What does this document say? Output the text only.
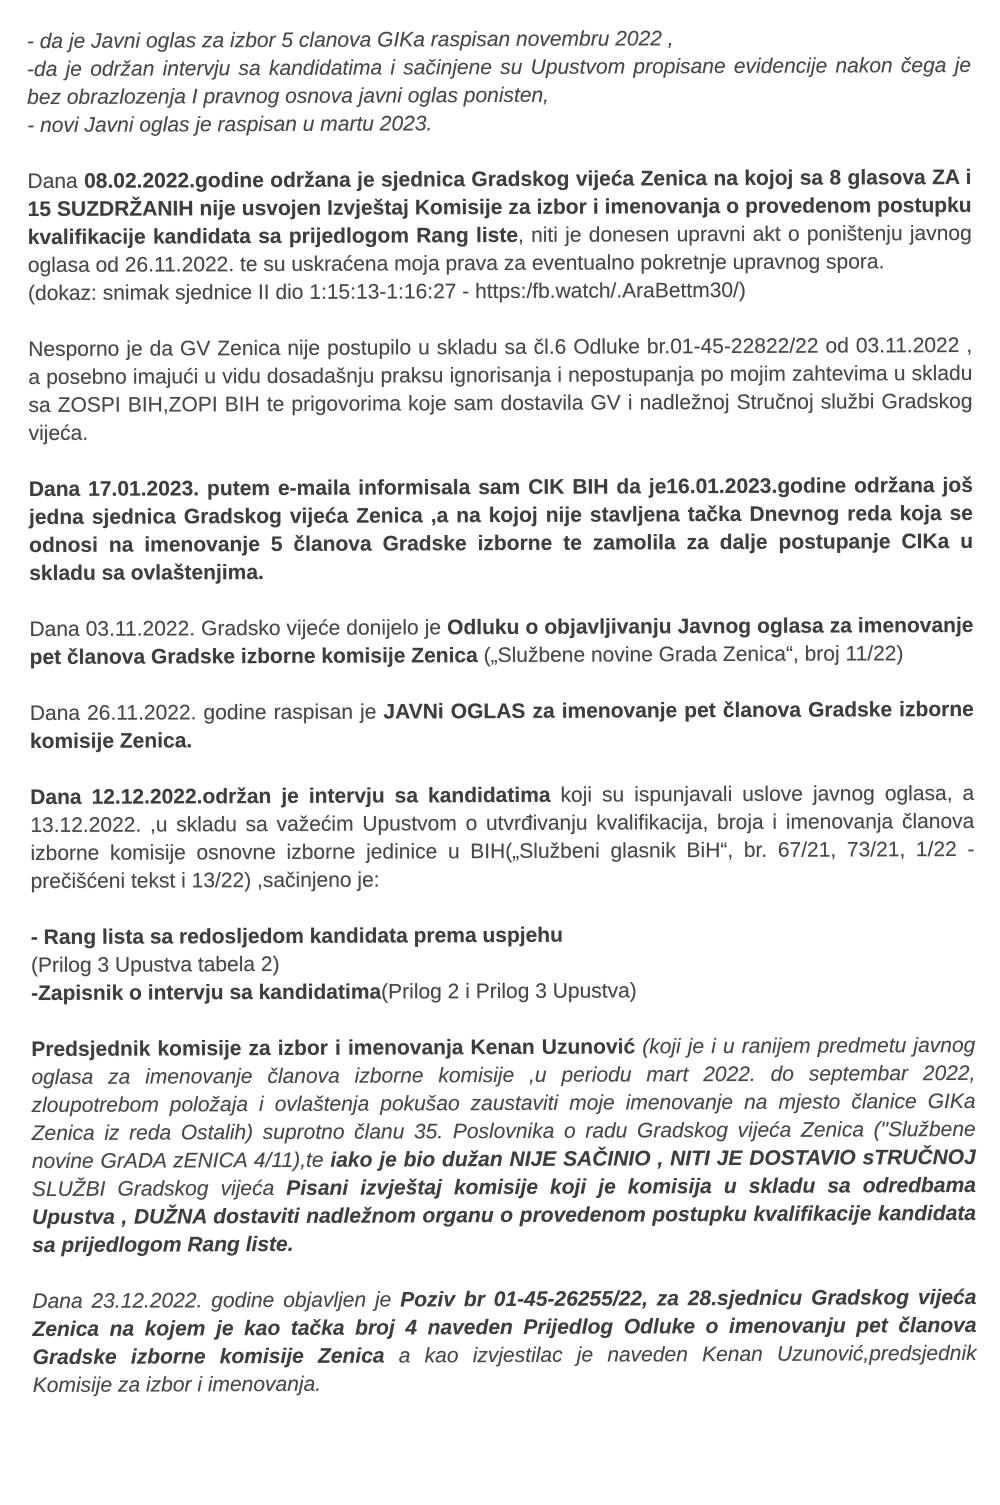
- da je Javni oglas za izbor 5 clanova GIKa raspisan novembru 2022 ,
-da je održan intervju sa kandidatima i sačinjene su Upustvom propisane evidencije nakon čega je bez obrazlozenja I pravnog osnova javni oglas ponisten,
- novi Javni oglas je raspisan u martu 2023.

Dana 08.02.2022.godine održana je sjednica Gradskog vijeća Zenica na kojoj sa 8 glasova ZA i 15 SUZDRŽANIH nije usvojen Izvještaj Komisije za izbor i imenovanja o provedenom postupku kvalifikacije kandidata sa prijedlogom Rang liste, niti je donesen upravni akt o poništenju javnog oglasa od 26.11.2022. te su uskraćena moja prava za eventualno pokretnje upravnog spora.
(dokaz: snimak sjednice II dio 1:15:13-1:16:27 - https:/fb.watch/.AraBettm30/)

Nesporno je da GV Zenica nije postupilo u skladu sa čl.6 Odluke br.01-45-22822/22 od 03.11.2022 , a posebno imajući u vidu dosadašnju praksu ignorisanja i nepostupanja po mojim zahtevima u skladu sa ZOSPI BIH,ZOPI BIH te prigovorima koje sam dostavila GV i nadležnoj Stručnoj službi Gradskog vijeća.

Dana 17.01.2023. putem e-maila informisala sam CIK BIH da je16.01.2023.godine održana još jedna sjednica Gradskog vijeća Zenica ,a na kojoj nije stavljena tačka Dnevnog reda koja se odnosi na imenovanje 5 članova Gradske izborne te zamolila za dalje postupanje CIKa u skladu sa ovlaštenjima.

Dana 03.11.2022. Gradsko vijeće donijelo je Odluku o objavljivanju Javnog oglasa za imenovanje pet članova Gradske izborne komisije Zenica („Službene novine Grada Zenica“, broj 11/22)

Dana 26.11.2022. godine raspisan je JAVNi OGLAS za imenovanje pet članova Gradske izborne komisije Zenica.

Dana 12.12.2022.održan je intervju sa kandidatima koji su ispunjavali uslove javnog oglasa, a 13.12.2022. ,u skladu sa važećim Upustvom o utvrđivanju kvalifikacija, broja i imenovanja članova izborne komisije osnovne izborne jedinice u BIH(„Službeni glasnik BiH“, br. 67/21, 73/21, 1/22 - prečišćeni tekst i 13/22) ,sačinjeno je:

- Rang lista sa redosljedom kandidata prema uspjehu
(Prilog 3 Upustva tabela 2)
-Zapisnik o intervju sa kandidatima(Prilog 2 i Prilog 3 Upustva)

Predsjednik komisije za izbor i imenovanja Kenan Uzunović (koji je i u ranijem predmetu javnog oglasa za imenovanje članova izborne komisije ,u periodu mart 2022. do septembar 2022, zloupotrebom položaja i ovlaštenja pokušao zaustaviti moje imenovanje na mjesto članice GIKa Zenica iz reda Ostalih) suprotno članu 35. Poslovnika o radu Gradskog vijeća Zenica ("Službene novine GrADA zENICA 4/11),te iako je bio dužan NIJE SAČINIO , NITI JE DOSTAVIO sTRUČNOJ SLUŽBI Gradskog vijeća Pisani izvještaj komisije koji je komisija u skladu sa odredbama Upustva , DUŽNA dostaviti nadležnom organu o provedenom postupku kvalifikacije kandidata sa prijedlogom Rang liste.

Dana 23.12.2022. godine objavljen je Poziv br 01-45-26255/22, za 28.sjednicu Gradskog vijeća Zenica na kojem je kao tačka broj 4 naveden Prijedlog Odluke o imenovanju pet članova Gradske izborne komisije Zenica a kao izvjestilac je naveden Kenan Uzunović,predsjednik Komisije za izbor i imenovanja.
